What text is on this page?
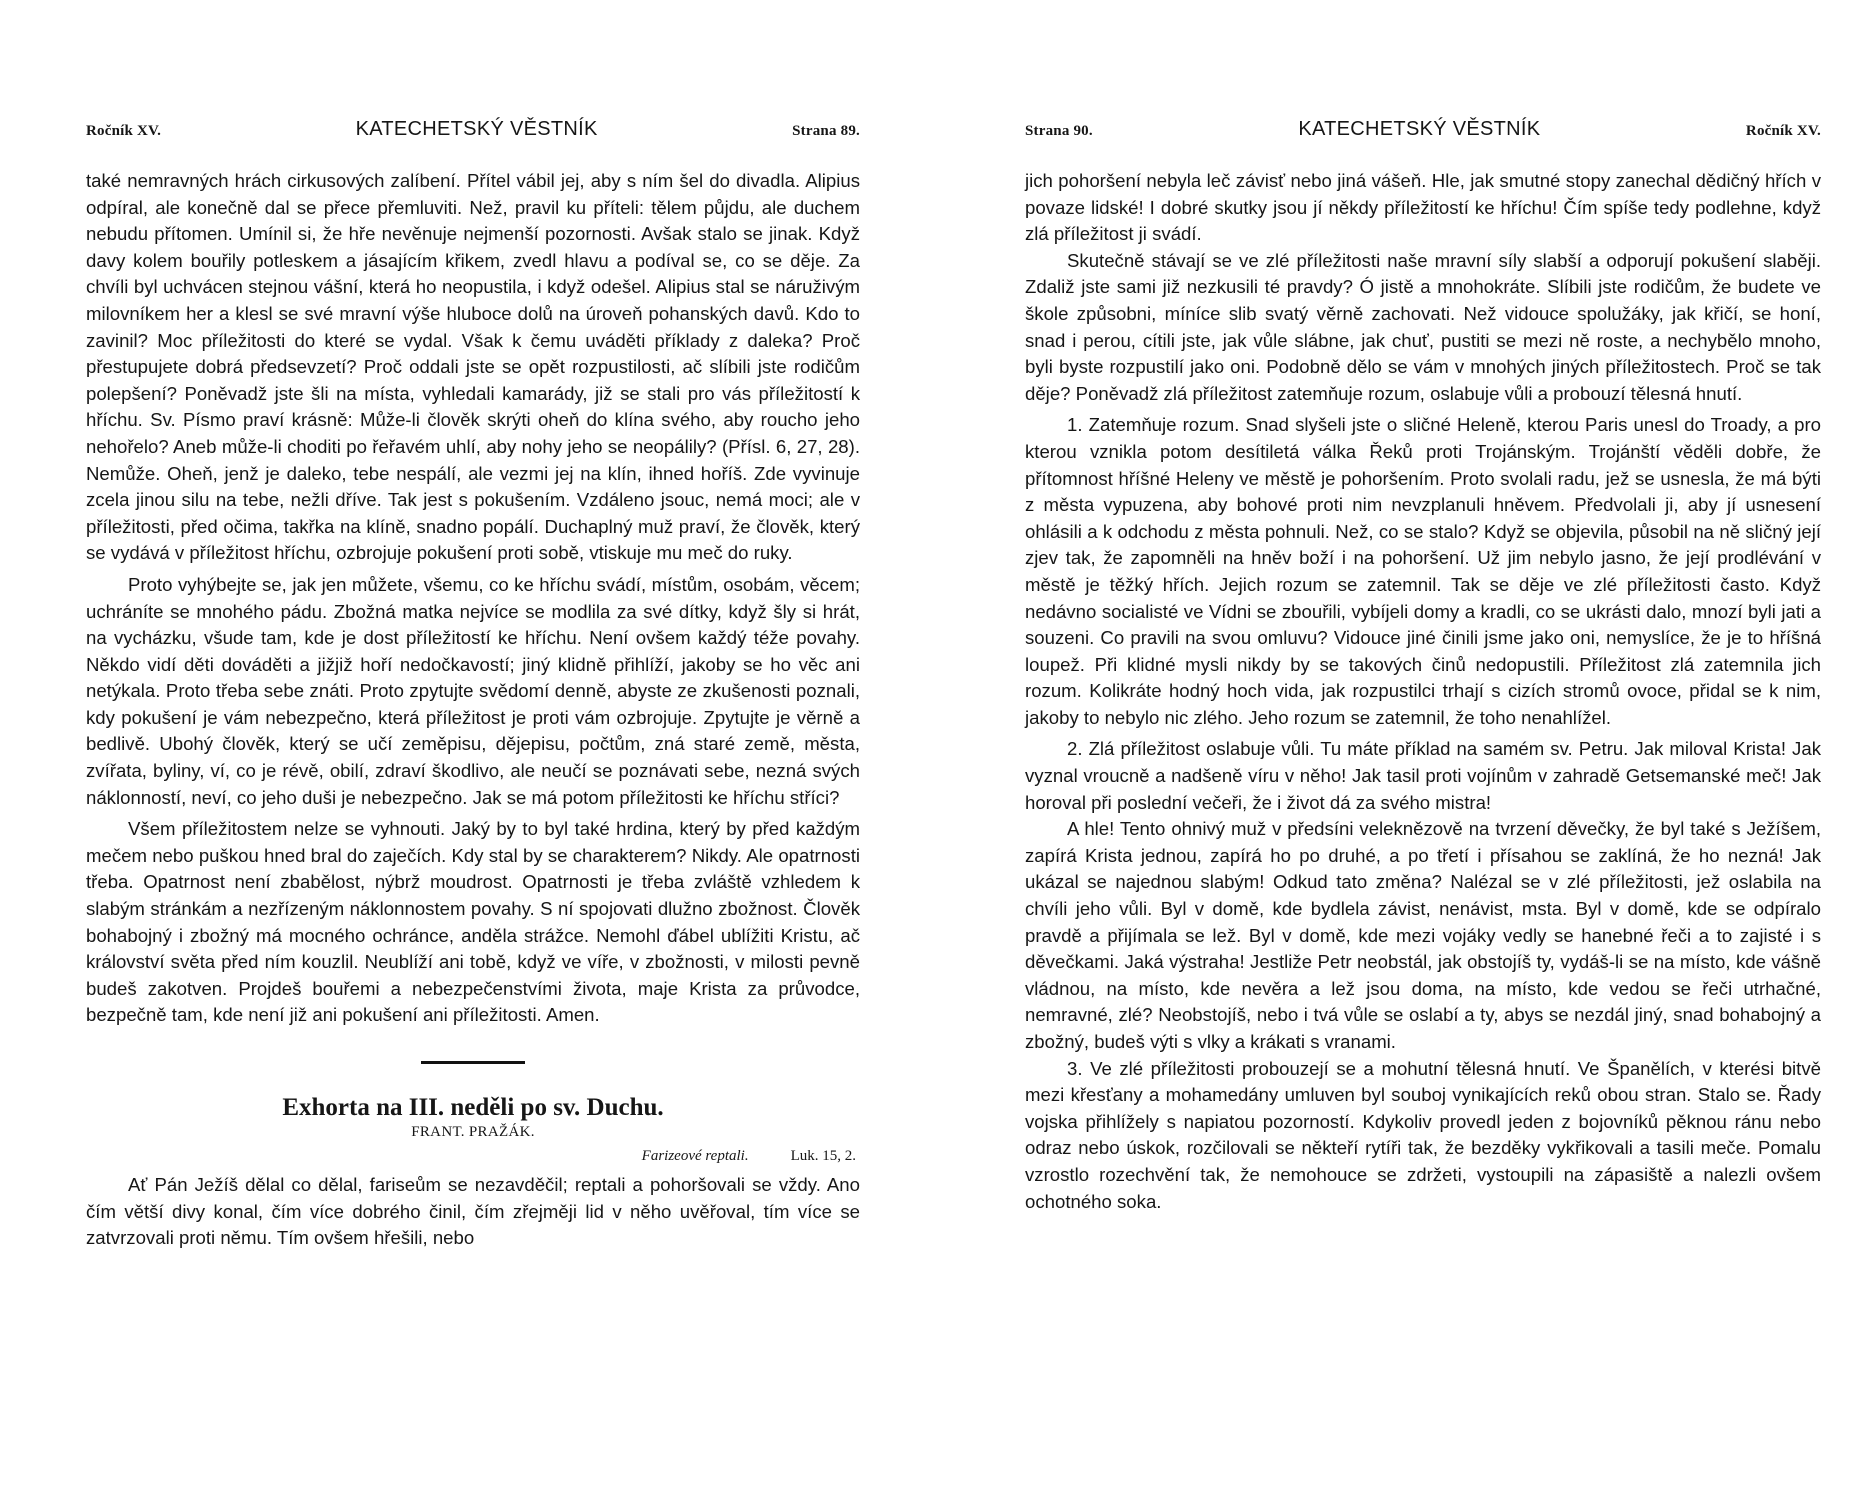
Ročník XV.	KATECHETSKÝ VĚSTNÍK	Strana 89.

také nemravných hrách cirkusových zalíbení. Přítel vábil jej, aby s ním šel do divadla. Alipius odpíral, ale konečně dal se přece přemluviti. Než, pravil ku příteli: tělem půjdu, ale duchem nebudu přítomen. Umínil si, že hře nevěnuje nejmenší pozornosti. Avšak stalo se jinak. Když davy kolem bouřily potleskem a jásajícím křikem, zvedl hlavu a podíval se, co se děje. Za chvíli byl uchvácen stejnou vášní, která ho neopustila, i když odešel. Alipius stal se náruživým milovníkem her a klesl se své mravní výše hluboce dolů na úroveň pohanských davů. Kdo to zavinil? Moc příležitosti do které se vydal. Však k čemu uváděti příklady z daleka? Proč přestupujete dobrá předsevzetí? Proč oddali jste se opět rozpustilosti, ač slíbili jste rodičům polepšení? Poněvadž jste šli na místa, vyhledali kamarády, již se stali pro vás příležitostí k hříchu. Sv. Písmo praví krásně: Může-li člověk skrýti oheň do klína svého, aby roucho jeho nehořelo? Aneb může-li choditi po řeřavém uhlí, aby nohy jeho se neopálily? (Přísl. 6, 27, 28). Nemůže. Oheň, jenž je daleko, tebe nespálí, ale vezmi jej na klín, ihned hoříš. Zde vyvinuje zcela jinou silu na tebe, nežli dříve. Tak jest s pokušením. Vzdáleno jsouc, nemá moci; ale v příležitosti, před očima, takřka na klíně, snadno popálí. Duchaplný muž praví, že člověk, který se vydává v příležitost hříchu, ozbrojuje pokušení proti sobě, vtiskuje mu meč do ruky.

Proto vyhýbejte se, jak jen můžete, všemu, co ke hříchu svádí, místům, osobám, věcem; uchráníte se mnohého pádu. Zbožná matka nejvíce se modlila za své dítky, když šly si hrát, na vycházku, všude tam, kde je dost příležitostí ke hříchu. Není ovšem každý téže povahy. Někdo vidí děti dováděti a jižjiž hoří nedočkavostí; jiný klidně přihlíží, jakoby se ho věc ani netýkala. Proto třeba sebe znáti. Proto zpytujte svědomí denně, abyste ze zkušenosti poznali, kdy pokušení je vám nebezpečno, která příležitost je proti vám ozbrojuje. Zpytujte je věrně a bedlivě. Ubohý člověk, který se učí zeměpisu, dějepisu, počtům, zná staré země, města, zvířata, byliny, ví, co je révě, obilí, zdraví škodlivo, ale neučí se poznávati sebe, nezná svých náklonností, neví, co jeho duši je nebezpečno. Jak se má potom příležitosti ke hříchu stříci?

Všem příležitostem nelze se vyhnouti. Jaký by to byl také hrdina, který by před každým mečem nebo puškou hned bral do zaječích. Kdy stal by se charakterem? Nikdy. Ale opatrnosti třeba. Opatrnost není zbabělost, nýbrž moudrost. Opatrnosti je třeba zvláště vzhledem k slabým stránkám a nezřízeným náklonnostem povahy. S ní spojovati dlužno zbožnost. Člověk bohabojný i zbožný má mocného ochránce, anděla strážce. Nemohl ďábel ublížiti Kristu, ač království světa před ním kouzlil. Neublíží ani tobě, když ve víře, v zbožnosti, v milosti pevně budeš zakotven. Projdeš bouřemi a nebezpečenstvími života, maje Krista za průvodce, bezpečně tam, kde není již ani pokušení ani příležitosti. Amen.

Exhorta na III. neděli po sv. Duchu.

FRANT. PRAŽÁK.

Farizeové reptali.	Luk. 15, 2.

Ať Pán Ježíš dělal co dělal, fariseům se nezavděčil; reptali a pohoršovali se vždy. Ano čím větší divy konal, čím více dobrého činil, čím zřejměji lid v něho uvěřoval, tím více se zatvrzovali proti němu. Tím ovšem hřešili, nebo

Strana 90.	KATECHETSKÝ VĚSTNÍK	Ročník XV.

jich pohoršení nebyla leč závisť nebo jiná vášeň. Hle, jak smutné stopy zanechal dědičný hřích v povaze lidské! I dobré skutky jsou jí někdy příležitostí ke hříchu! Čím spíše tedy podlehne, když zlá příležitost ji svádí.

Skutečně stávají se ve zlé příležitosti naše mravní síly slabší a odporují pokušení slaběji. Zdaliž jste sami již nezkusili té pravdy? Ó jistě a mnohokráte. Slíbili jste rodičům, že budete ve škole způsobni, míníce slib svatý věrně zachovati. Než vidouce spolužáky, jak křičí, se honí, snad i perou, cítili jste, jak vůle slábne, jak chuť, pustiti se mezi ně roste, a nechybělo mnoho, byli byste rozpustilí jako oni. Podobně dělo se vám v mnohých jiných příležitostech. Proč se tak děje? Poněvadž zlá příležitost zatemňuje rozum, oslabuje vůli a probouzí tělesná hnutí.

1. Zatemňuje rozum. Snad slyšeli jste o sličné Heleně, kterou Paris unesl do Troady, a pro kterou vznikla potom desítiletá válka Řeků proti Trojánským. Trojánští věděli dobře, že přítomnost hříšné Heleny ve městě je pohoršením. Proto svolali radu, jež se usnesla, že má býti z města vypuzena, aby bohové proti nim nevzplanuli hněvem. Předvolali ji, aby jí usnesení ohlásili a k odchodu z města pohnuli. Než, co se stalo? Když se objevila, působil na ně sličný její zjev tak, že zapomněli na hněv boží i na pohoršení. Už jim nebylo jasno, že její prodlévání v městě je těžký hřích. Jejich rozum se zatemnil. Tak se děje ve zlé příležitosti často. Když nedávno socialisté ve Vídni se zbouřili, vybíjeli domy a kradli, co se ukrásti dalo, mnozí byli jati a souzeni. Co pravili na svou omluvu? Vidouce jiné činili jsme jako oni, nemyslíce, že je to hříšná loupež. Při klidné mysli nikdy by se takových činů nedopustili. Příležitost zlá zatemnila jich rozum. Kolikráte hodný hoch vida, jak rozpustilci trhají s cizích stromů ovoce, přidal se k nim, jakoby to nebylo nic zlého. Jeho rozum se zatemnil, že toho nenahlížel.

2. Zlá příležitost oslabuje vůli. Tu máte příklad na samém sv. Petru. Jak miloval Krista! Jak vyznal vroucně a nadšeně víru v něho! Jak tasil proti vojínům v zahradě Getsemanské meč! Jak horoval při poslední večeři, že i život dá za svého mistra!

A hle! Tento ohnivý muž v předsíni veleknězově na tvrzení děvečky, že byl také s Ježíšem, zapírá Krista jednou, zapírá ho po druhé, a po třetí i přísahou se zaklíná, že ho nezná! Jak ukázal se najednou slabým! Odkud tato změna? Nalézal se v zlé příležitosti, jež oslabila na chvíli jeho vůli. Byl v domě, kde bydlela závist, nenávist, msta. Byl v domě, kde se odpíralo pravdě a přijímala se lež. Byl v domě, kde mezi vojáky vedly se hanebné řeči a to zajisté i s děvečkami. Jaká výstraha! Jestliže Petr neobstál, jak obstojíš ty, vydáš-li se na místo, kde vášně vládnou, na místo, kde nevěra a lež jsou doma, na místo, kde vedou se řeči utrhačné, nemravné, zlé? Neobstojíš, nebo i tvá vůle se oslabí a ty, abys se nezdál jiný, snad bohabojný a zbožný, budeš výti s vlky a krákati s vranami.

3. Ve zlé příležitosti probouzejí se a mohutní tělesná hnutí. Ve Španělích, v kterési bitvě mezi křesťany a mohamedány umluven byl souboj vynikajících reků obou stran. Stalo se. Řady vojska přihlížely s napiatou pozorností. Kdykoliv provedl jeden z bojovníků pěknou ránu nebo odraz nebo úskok, rozčilovali se někteří rytíři tak, že bezděky vykřikovali a tasili meče. Pomalu vzrostlo rozechvění tak, že nemohouce se zdržeti, vystoupili na zápasiště a nalezli ovšem ochotného soka.
